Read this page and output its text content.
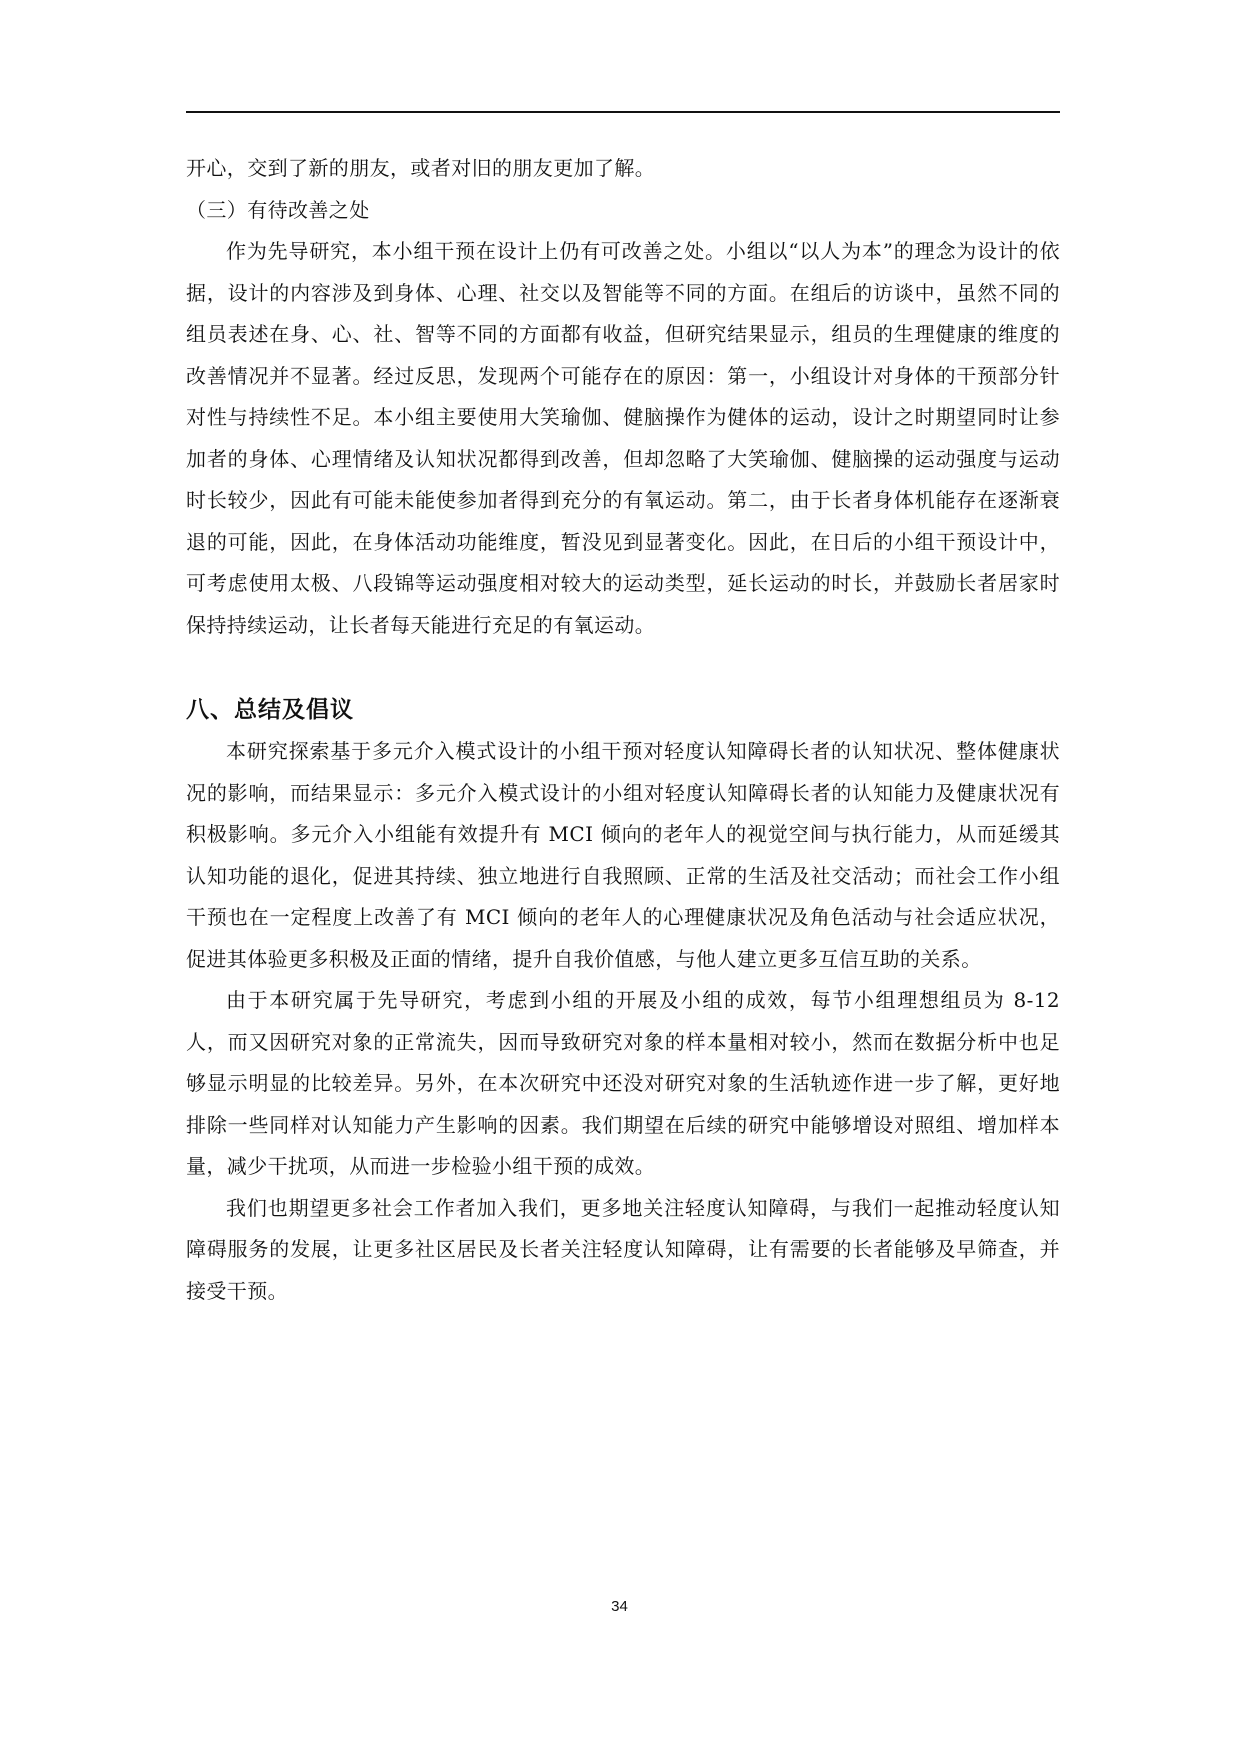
开心，交到了新的朋友，或者对旧的朋友更加了解。

（三）有待改善之处

作为先导研究，本小组干预在设计上仍有可改善之处。小组以“以人为本”的理念为设计的依据，设计的内容涉及到身体、心理、社交以及智能等不同的方面。在组后的访谈中，虽然不同的组员表述在身、心、社、智等不同的方面都有收益，但研究结果显示，组员的生理健康的维度的改善情况并不显著。经过反思，发现两个可能存在的原因：第一，小组设计对身体的干预部分针对性与持续性不足。本小组主要使用大笑瑜伽、健脑操作为健体的运动，设计之时期望同时让参加者的身体、心理情绪及认知状况都得到改善，但却忽略了大笑瑜伽、健脑操的运动强度与运动时长较少，因此有可能未能使参加者得到充分的有氧运动。第二，由于长者身体机能存在逐渐衰退的可能，因此，在身体活动功能维度，暂没见到显著变化。因此，在日后的小组干预设计中，可考虑使用太极、八段锦等运动强度相对较大的运动类型，延长运动的时长，并鼓励长者居家时保持持续运动，让长者每天能进行充足的有氧运动。

八、总结及倡议

本研究探索基于多元介入模式设计的小组干预对轻度认知障碍长者的认知状况、整体健康状况的影响，而结果显示：多元介入模式设计的小组对轻度认知障碍长者的认知能力及健康状况有积极影响。多元介入小组能有效提升有 MCI 倾向的老年人的视觉空间与执行能力，从而延缓其认知功能的退化，促进其持续、独立地进行自我照顾、正常的生活及社交活动；而社会工作小组干预也在一定程度上改善了有 MCI 倾向的老年人的心理健康状况及角色活动与社会适应状况，促进其体验更多积极及正面的情绪，提升自我价值感，与他人建立更多互信互助的关系。

由于本研究属于先导研究，考虑到小组的开展及小组的成效，每节小组理想组员为 8-12 人，而又因研究对象的正常流失，因而导致研究对象的样本量相对较小，然而在数据分析中也足够显示明显的比较差异。另外，在本次研究中还没对研究对象的生活轨迹作进一步了解，更好地排除一些同样对认知能力产生影响的因素。我们期望在后续的研究中能够增设对照组、增加样本量，减少干扰项，从而进一步检验小组干预的成效。

我们也期望更多社会工作者加入我们，更多地关注轻度认知障碍，与我们一起推动轻度认知障碍服务的发展，让更多社区居民及长者关注轻度认知障碍，让有需要的长者能够及早筛查，并接受干预。

34
